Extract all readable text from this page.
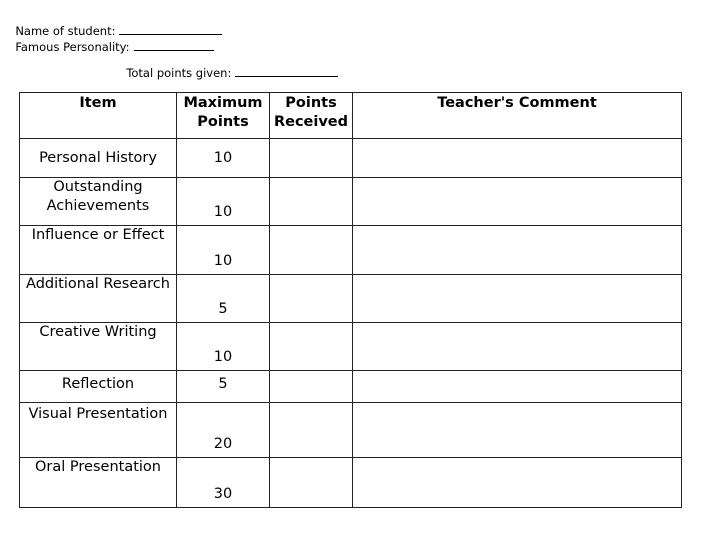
Name of student:

Famous Personality:

Total points given:

Item	Maximum Points	Points Received	Teacher's Comment

Personal History	10		

Outstanding Achievements	10		

Influence or Effect	10		

Additional Research	5		

Creative Writing	10		

Reflection	5		

Visual Presentation	20		

Oral Presentation	30		
